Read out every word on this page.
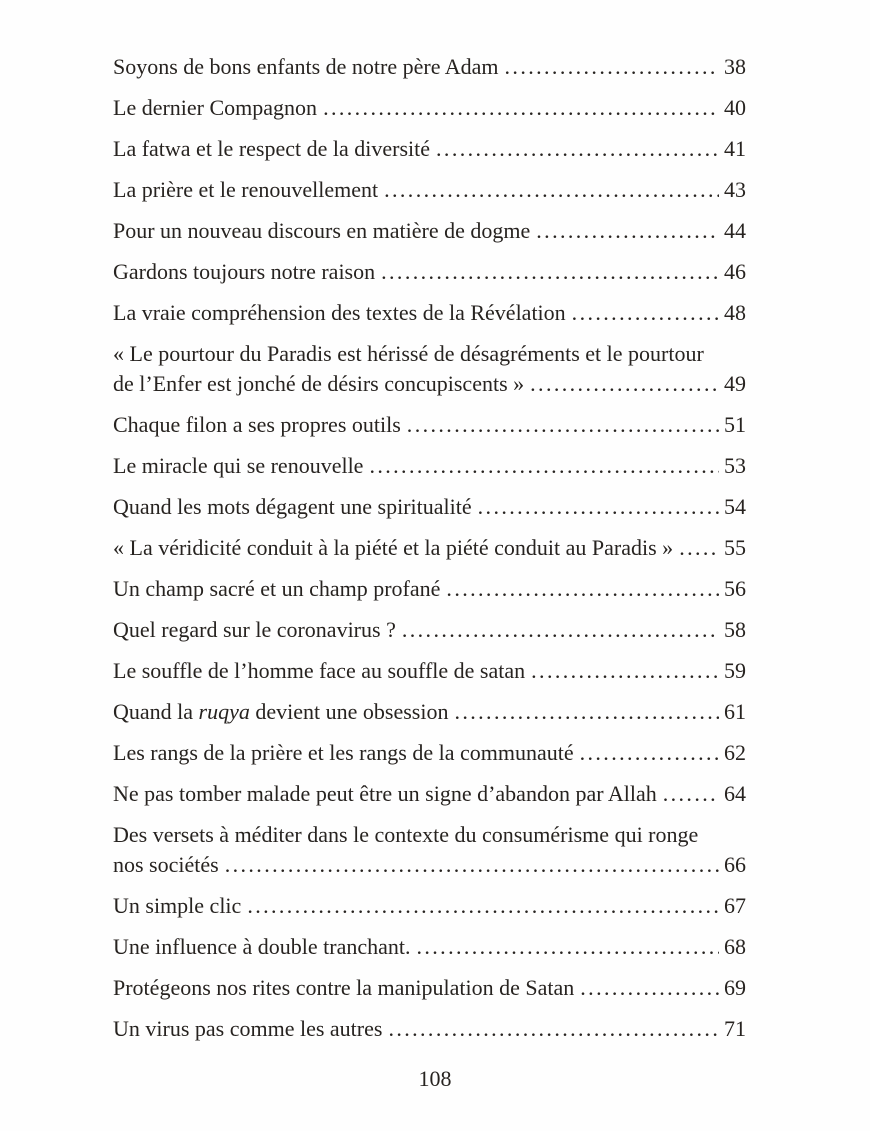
Soyons de bons enfants de notre père Adam .....	38
Le dernier Compagnon .....	40
La fatwa et le respect de la diversité .....	41
La prière et le renouvellement .....	43
Pour un nouveau discours en matière de dogme .....	44
Gardons toujours notre raison .....	46
La vraie compréhension des textes de la Révélation .....	48
« Le pourtour du Paradis est hérissé de désagréments et le pourtour
de l’Enfer est jonché de désirs concupiscents » .....	49
Chaque filon a ses propres outils .....	51
Le miracle qui se renouvelle .....	53
Quand les mots dégagent une spiritualité .....	54
« La véridicité conduit à la piété et la piété conduit au Paradis » ..... 55
Un champ sacré et un champ profané .....	56
Quel regard sur le coronavirus ? .....	58
Le souffle de l’homme face au souffle de satan .....	59
Quand la ruqya devient une obsession .....	61
Les rangs de la prière et les rangs de la communauté .....	62
Ne pas tomber malade peut être un signe d’abandon par Allah .....	64
Des versets à méditer dans le contexte du consumérisme qui ronge
nos sociétés .....	66
Un simple clic .....	67
Une influence à double tranchant. .....	68
Protégeons nos rites contre la manipulation de Satan .....	69
Un virus pas comme les autres .....	71
108
